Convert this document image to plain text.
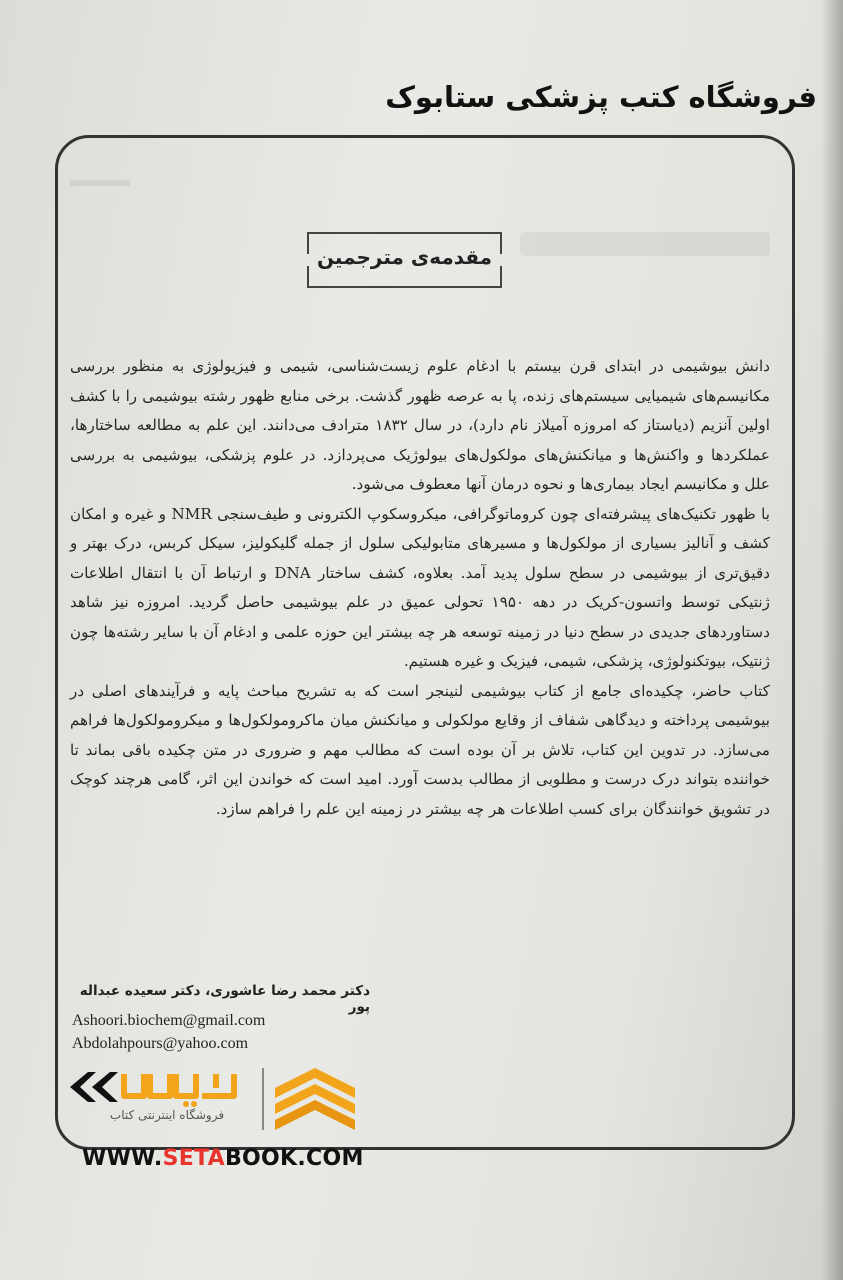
فروشگاه کتب پزشکی ستابوک
مقدمه‌ی مترجمین

دانش بیوشیمی در ابتدای قرن بیستم با ادغام علوم زیست‌شناسی، شیمی و فیزیولوژی به منظور بررسی مکانیسم‌های شیمیایی سیستم‌های زنده، پا به عرصه ظهور گذشت. برخی منابع ظهور رشته بیوشیمی را با کشف اولین آنزیم (دیاستاز که امروزه آمیلاز نام دارد)، در سال ۱۸۳۲ مترادف می‌دانند. این علم به مطالعه ساختارها، عملکردها و واکنش‌ها و میانکنش‌های مولکول‌های بیولوژیک می‌پردازد. در علوم پزشکی، بیوشیمی به بررسی علل و مکانیسم ایجاد بیماری‌ها و نحوه درمان آنها معطوف می‌شود.

با ظهور تکنیک‌های پیشرفته‌ای چون کروماتوگرافی، میکروسکوپ الکترونی و طیف‌سنجی NMR و غیره و امکان کشف و آنالیز بسیاری از مولکول‌ها و مسیرهای متابولیکی سلول از جمله گلیکولیز، سیکل کربس، درک بهتر و دقیق‌تری از بیوشیمی در سطح سلول پدید آمد. بعلاوه، کشف ساختار DNA و ارتباط آن با انتقال اطلاعات ژنتیکی توسط واتسون-کریک در دهه ۱۹۵۰ تحولی عمیق در علم بیوشیمی حاصل گردید. امروزه نیز شاهد دستاوردهای جدیدی در سطح دنیا در زمینه توسعه هر چه بیشتر این حوزه علمی و ادغام آن با سایر رشته‌ها چون ژنتیک، بیوتکنولوژی، پزشکی، شیمی، فیزیک و غیره هستیم.

کتاب حاضر، چکیده‌ای جامع از کتاب بیوشیمی لنینجر است که به تشریح مباحث پایه و فرآیندهای اصلی در بیوشیمی پرداخته و دیدگاهی شفاف از وقایع مولکولی و میانکنش میان ماکرومولکول‌ها و میکرومولکول‌ها فراهم می‌سازد. در تدوین این کتاب، تلاش بر آن بوده است که مطالب مهم و ضروری در متن چکیده باقی بماند تا خواننده بتواند درک درست و مطلوبی از مطالب بدست آورد. امید است که خواندن این اثر، گامی هرچند کوچک در تشویق خوانندگان برای کسب اطلاعات هر چه بیشتر در زمینه این علم را فراهم سازد.

دکتر محمد رضا عاشوری، دکتر سعیده عبداله پور
Ashoori.biochem@gmail.com
Abdolahpours@yahoo.com
فروشگاه اینترنتی کتاب
WWW.SETABOOK.COM
